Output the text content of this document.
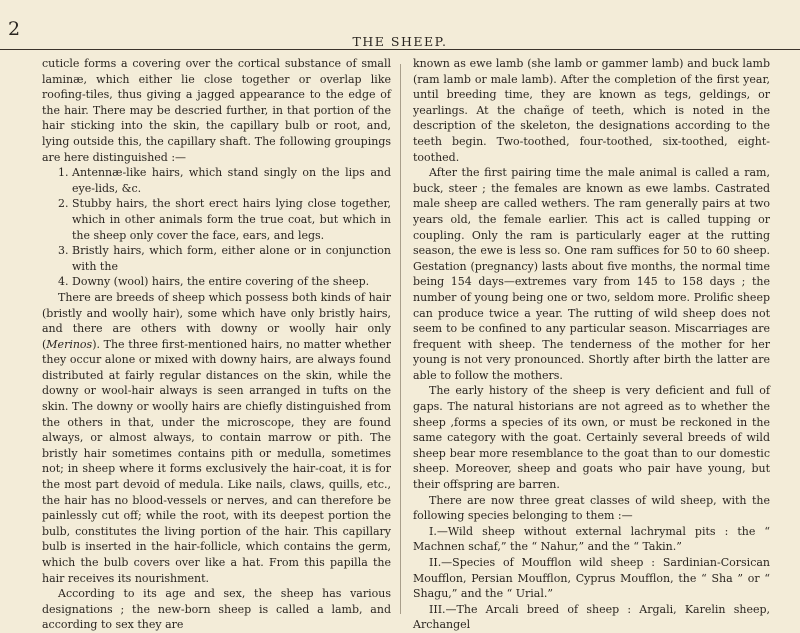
2
THE SHEEP.

cuticle forms a covering over the cortical substance of small laminæ, which either lie close together or overlap like roofing-tiles, thus giving a jagged appearance to the edge of the hair. There may be descried further, in that portion of the hair sticking into the skin, the capillary bulb or root, and, lying outside this, the capillary shaft. The following groupings are here distinguished :—

1. Antennæ-like hairs, which stand singly on the lips and eye-lids, &c.

2. Stubby hairs, the short erect hairs lying close together, which in other animals form the true coat, but which in the sheep only cover the face, ears, and legs.

3. Bristly hairs, which form, either alone or in conjunction with the

4. Downy (wool) hairs, the entire covering of the sheep.

There are breeds of sheep which possess both kinds of hair (bristly and woolly hair), some which have only bristly hairs, and there are others with downy or woolly hair only (Merinos). The three first-mentioned hairs, no matter whether they occur alone or mixed with downy hairs, are always found distributed at fairly regular distances on the skin, while the downy or wool-hair always is seen arranged in tufts on the skin. The downy or woolly hairs are chiefly distinguished from the others in that, under the microscope, they are found always, or almost always, to contain marrow or pith. The bristly hair sometimes contains pith or medulla, sometimes not; in sheep where it forms exclusively the hair-coat, it is for the most part devoid of medula. Like nails, claws, quills, etc., the hair has no blood-vessels or nerves, and can therefore be painlessly cut off; while the root, with its deepest portion the bulb, constitutes the living portion of the hair. This capillary bulb is inserted in the hair-follicle, which contains the germ, which the bulb covers over like a hat. From this papilla the hair receives its nourishment.

According to its age and sex, the sheep has various designations ; the new-born sheep is called a lamb, and according to sex they are

known as ewe lamb (she lamb or gammer lamb) and buck lamb (ram lamb or male lamb). After the completion of the first year, until breeding time, they are known as tegs, geldings, or yearlings. At the chañge of teeth, which is noted in the description of the skeleton, the designations according to the teeth begin. Two-toothed, four-toothed, six-toothed, eight-toothed.

After the first pairing time the male animal is called a ram, buck, steer ; the females are known as ewe lambs. Castrated male sheep are called wethers. The ram generally pairs at two years old, the female earlier. This act is called tupping or coupling. Only the ram is particularly eager at the rutting season, the ewe is less so. One ram suffices for 50 to 60 sheep. Gestation (pregnancy) lasts about five months, the normal time being 154 days—extremes vary from 145 to 158 days ; the number of young being one or two, seldom more. Prolific sheep can produce twice a year. The rutting of wild sheep does not seem to be confined to any particular season. Miscarriages are frequent with sheep. The tenderness of the mother for her young is not very pronounced. Shortly after birth the latter are able to follow the mothers.

The early history of the sheep is very deficient and full of gaps. The natural historians are not agreed as to whether the sheep ,forms a species of its own, or must be reckoned in the same category with the goat. Certainly several breeds of wild sheep bear more resemblance to the goat than to our domestic sheep. Moreover, sheep and goats who pair have young, but their offspring are barren.

There are now three great classes of wild sheep, with the following species belonging to them :—

I.—Wild sheep without external lachrymal pits : the “ Machnen schaf,” the “ Nahur,” and the “ Takin.”

II.—Species of Moufflon wild sheep : Sardinian-Corsican Moufflon, Persian Moufflon, Cyprus Moufflon, the “ Sha ” or “ Shagu,” and the “ Urial.”

III.—The Arcali breed of sheep : Argali, Karelin sheep, Archangel
